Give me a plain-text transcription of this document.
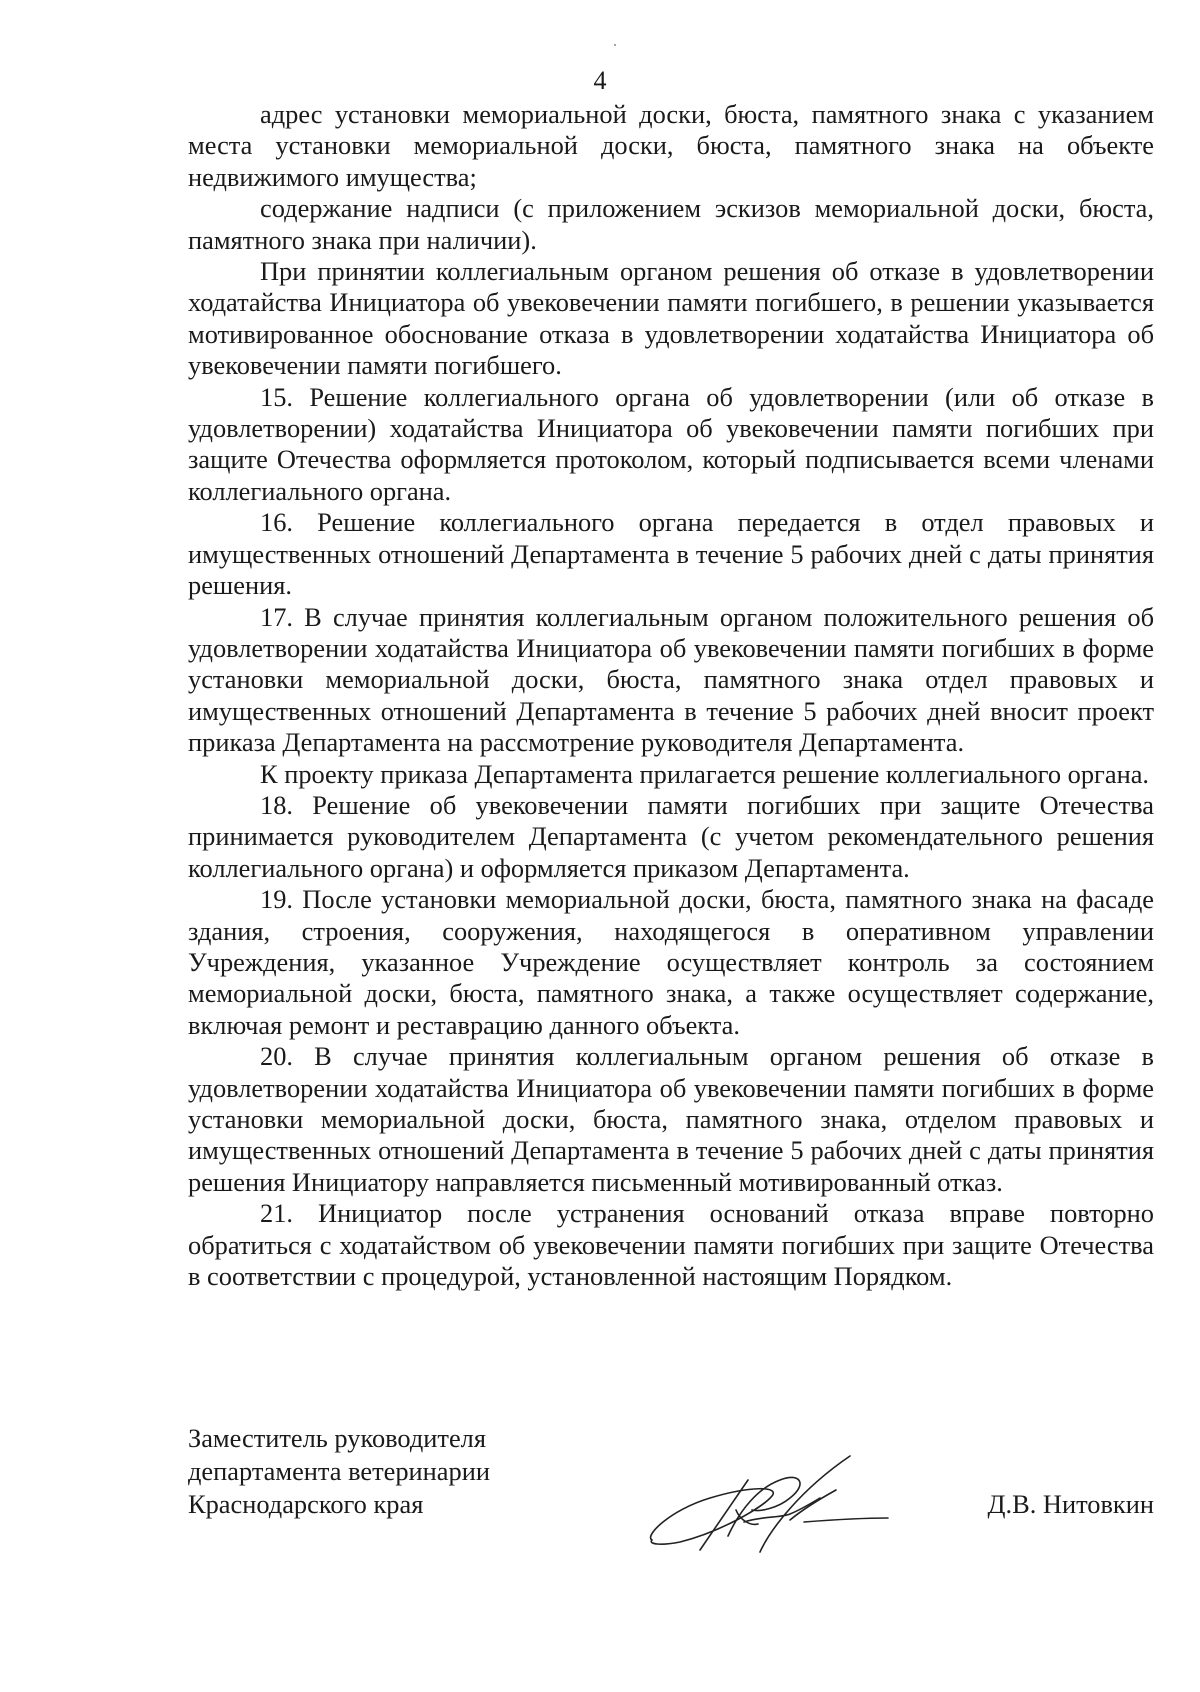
4

адрес установки мемориальной доски, бюста, памятного знака с указанием места установки мемориальной доски, бюста, памятного знака на объекте недвижимого имущества;

содержание надписи (с приложением эскизов мемориальной доски, бюста, памятного знака при наличии).

При принятии коллегиальным органом решения об отказе в удовлетворении ходатайства Инициатора об увековечении памяти погибшего, в решении указывается мотивированное обоснование отказа в удовлетворении ходатайства Инициатора об увековечении памяти погибшего.

15. Решение коллегиального органа об удовлетворении (или об отказе в удовлетворении) ходатайства Инициатора об увековечении памяти погибших при защите Отечества оформляется протоколом, который подписывается всеми членами коллегиального органа.

16. Решение коллегиального органа передается в отдел правовых и имущественных отношений Департамента в течение 5 рабочих дней с даты принятия решения.

17. В случае принятия коллегиальным органом положительного решения об удовлетворении ходатайства Инициатора об увековечении памяти погибших в форме установки мемориальной доски, бюста, памятного знака отдел правовых и имущественных отношений Департамента в течение 5 рабочих дней вносит проект приказа Департамента на рассмотрение руководителя Департамента.

К проекту приказа Департамента прилагается решение коллегиального органа.

18. Решение об увековечении памяти погибших при защите Отечества принимается руководителем Департамента (с учетом рекомендательного решения коллегиального органа) и оформляется приказом Департамента.

19. После установки мемориальной доски, бюста, памятного знака на фасаде здания, строения, сооружения, находящегося в оперативном управлении Учреждения, указанное Учреждение осуществляет контроль за состоянием мемориальной доски, бюста, памятного знака, а также осуществляет содержание, включая ремонт и реставрацию данного объекта.

20. В случае принятия коллегиальным органом решения об отказе в удовлетворении ходатайства Инициатора об увековечении памяти погибших в форме установки мемориальной доски, бюста, памятного знака, отделом правовых и имущественных отношений Департамента в течение 5 рабочих дней с даты принятия решения Инициатору направляется письменный мотивированный отказ.

21. Инициатор после устранения оснований отказа вправе повторно обратиться с ходатайством об увековечении памяти погибших при защите Отечества в соответствии с процедурой, установленной настоящим Порядком.

Заместитель руководителя
департамента ветеринарии
Краснодарского края	Д.В. Нитовкин
